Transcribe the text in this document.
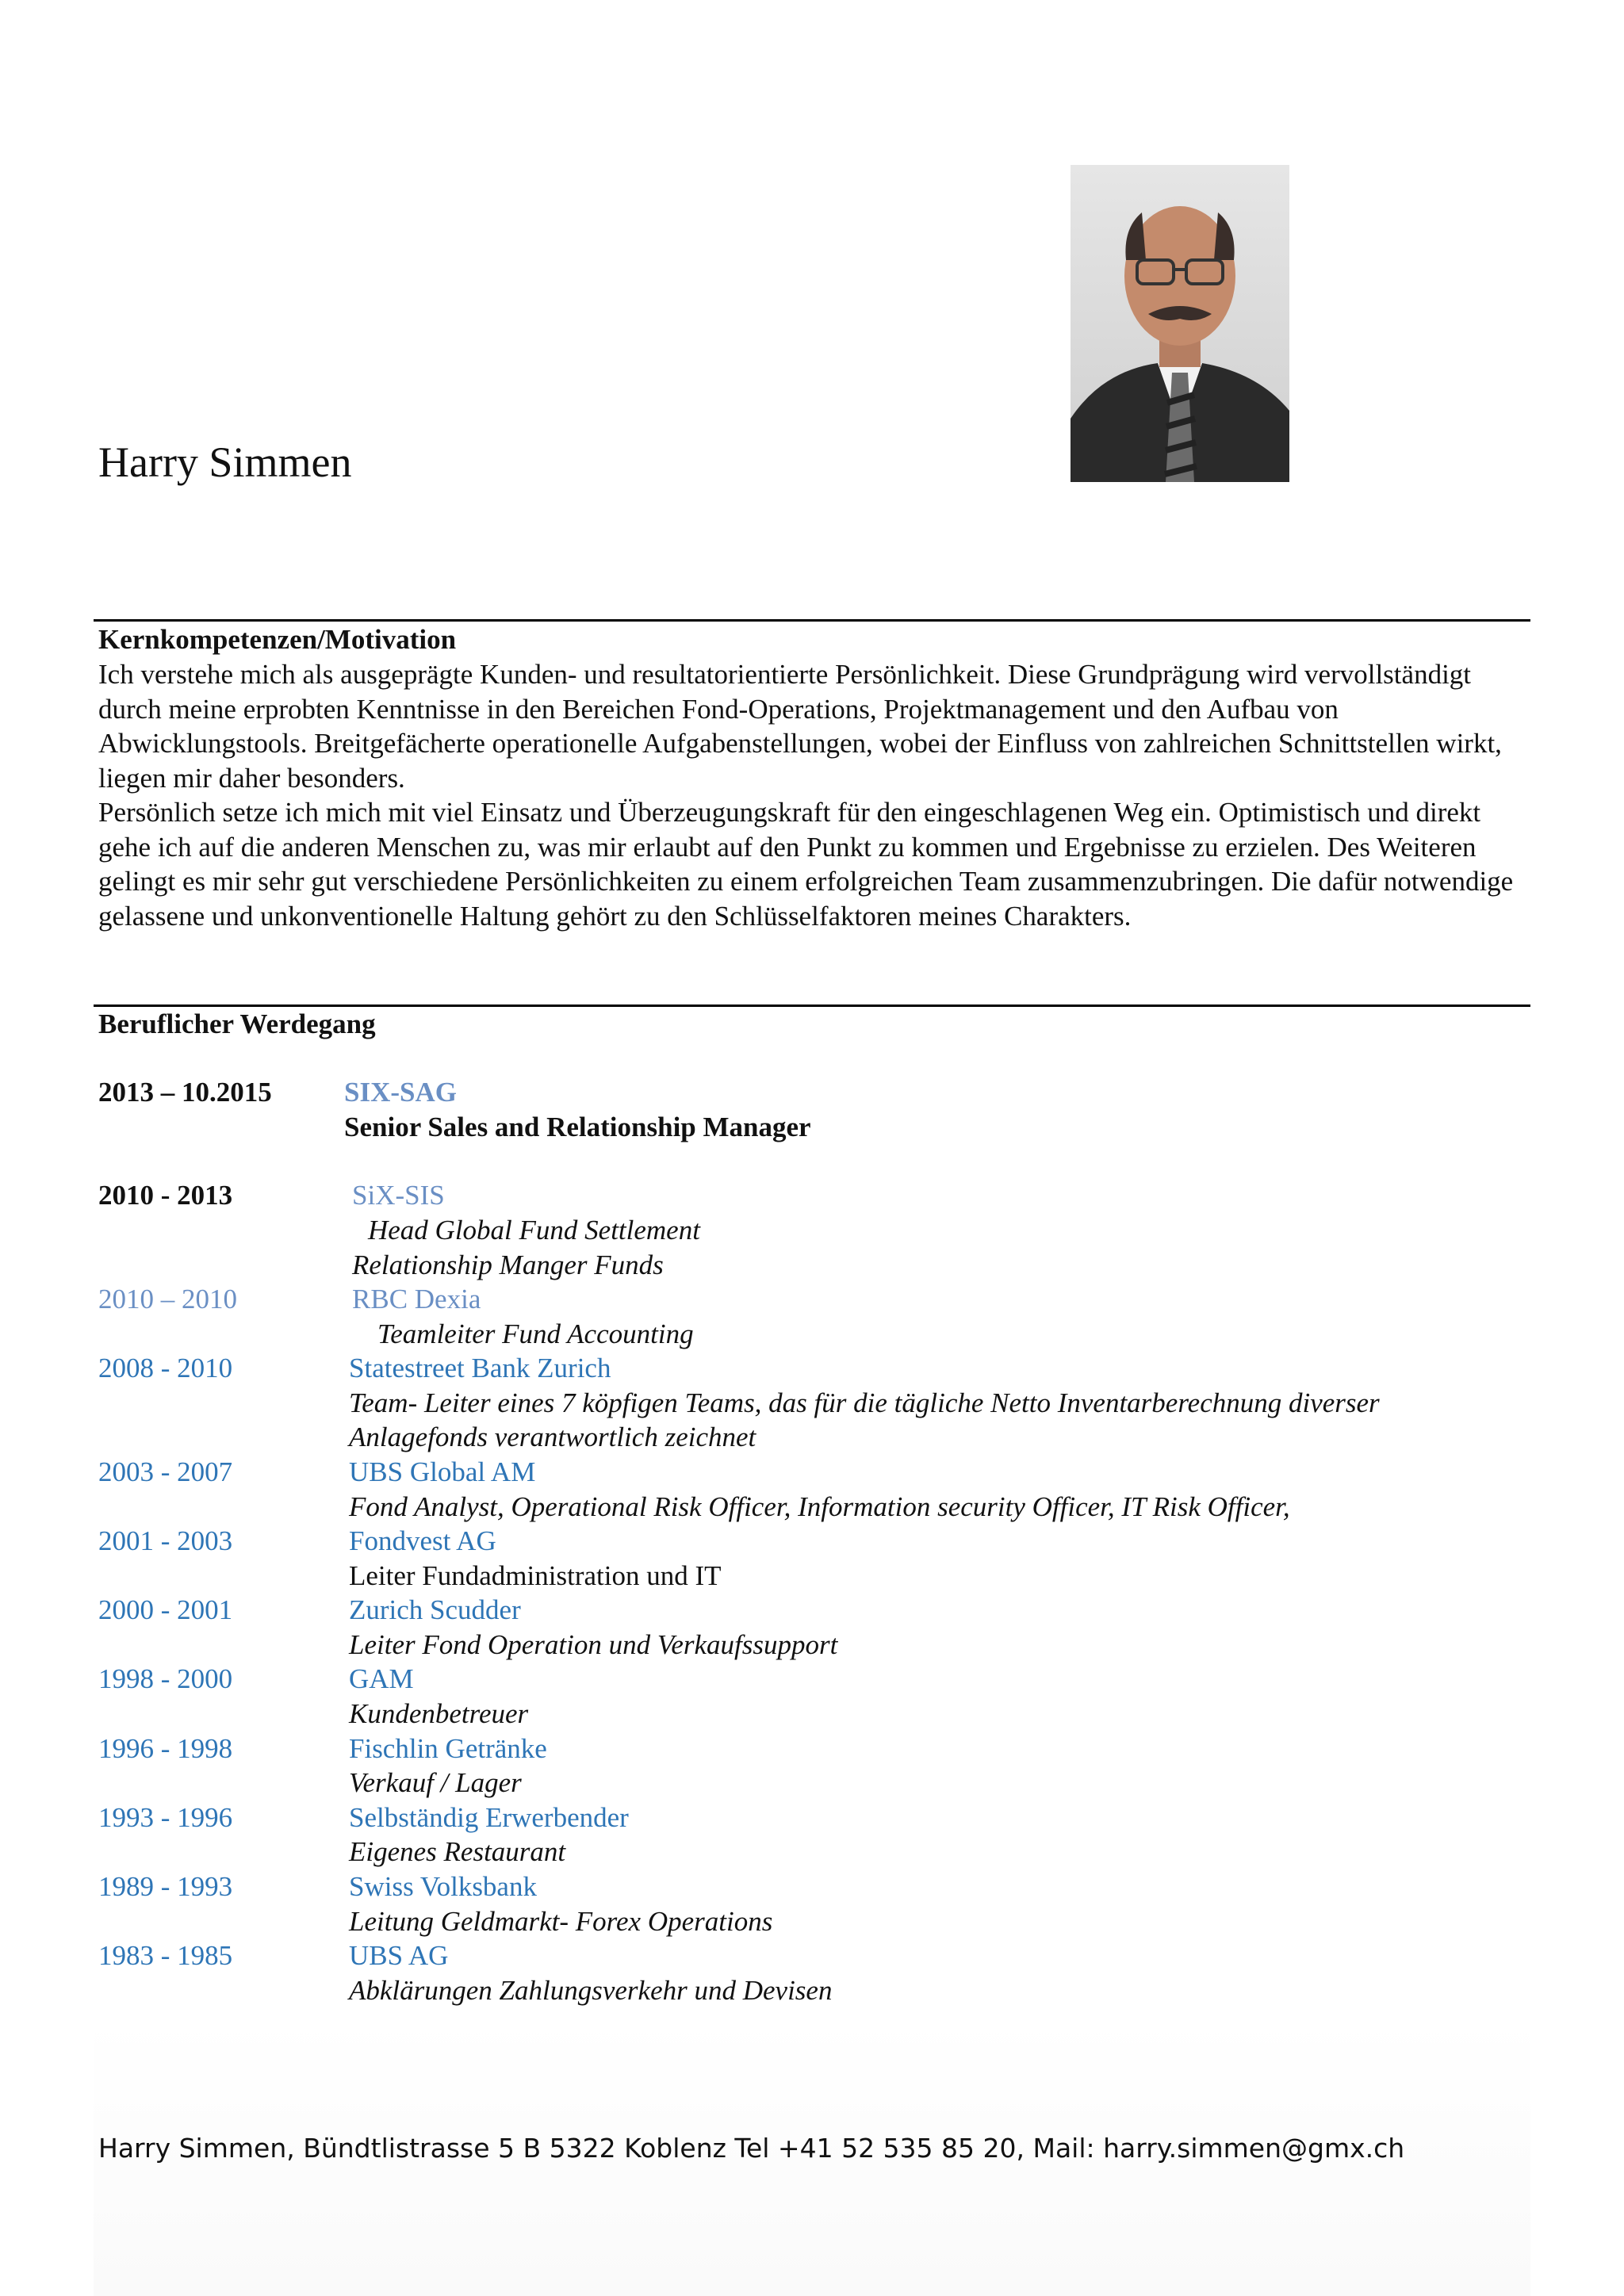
Harry Simmen
Kernkompetenzen/Motivation

Ich verstehe mich als ausgeprägte Kunden- und resultatorientierte Persönlichkeit. Diese Grundprägung wird vervollständigt durch meine erprobten Kenntnisse in den Bereichen Fond-Operations, Projektmanagement und den Aufbau von Abwicklungstools. Breitgefächerte operationelle Aufgabenstellungen, wobei der Einfluss von zahlreichen Schnittstellen wirkt, liegen mir daher besonders.

Persönlich setze ich mich mit viel Einsatz und Überzeugungskraft für den eingeschlagenen Weg ein. Optimistisch und direkt gehe ich auf die anderen Menschen zu, was mir erlaubt auf den Punkt zu kommen und Ergebnisse zu erzielen. Des Weiteren gelingt es mir sehr gut verschiedene Persönlichkeiten zu einem erfolgreichen Team zusammenzubringen. Die dafür notwendige gelassene und unkonventionelle Haltung gehört zu den Schlüsselfaktoren meines Charakters.

Beruflicher Werdegang
2013 – 10.2015	SIX-SAG
Senior Sales and Relationship Manager
2010 - 2013	SiX-SIS
Head Global Fund Settlement
Relationship Manger Funds
2010 – 2010	RBC Dexia
Teamleiter Fund Accounting
2008 - 2010	Statestreet Bank Zurich
Team- Leiter eines 7 köpfigen Teams, das für die tägliche Netto Inventarberechnung diverser
Anlagefonds verantwortlich zeichnet
2003 - 2007	UBS Global AM
Fond Analyst, Operational Risk Officer, Information security Officer, IT Risk Officer,
2001 - 2003	Fondvest AG
Leiter Fundadministration und IT
2000 - 2001	Zurich Scudder
Leiter Fond Operation und Verkaufssupport
1998 - 2000	GAM
Kundenbetreuer
1996 - 1998	Fischlin Getränke
Verkauf / Lager
1993 - 1996	Selbständig Erwerbender
Eigenes Restaurant
1989 - 1993	Swiss Volksbank
Leitung Geldmarkt- Forex Operations
1983 - 1985	UBS AG
Abklärungen Zahlungsverkehr und Devisen
Harry Simmen, Bündtlistrasse 5 B 5322 Koblenz Tel +41 52 535 85 20, Mail: harry.simmen@gmx.ch
